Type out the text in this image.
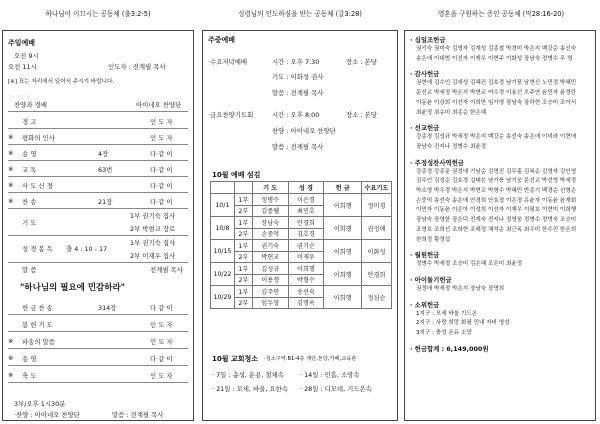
하나님이 이끄시는 공동체 (출3:2-5)
주일예배
오전 9시
오전 11시	인도자 : 전계필 목사
[※] 표는 자리에서 일어서 주시기 바랍니다.
전 주 곡
찬양과 경배	아이네오 찬양단
경 고	인 도 자
※ 평화의 인사	인 도 자
※ 송 영	4장	다 같 이
※ 교 독	63번	다 같 이
※ 사 도 신 경	다 같 이
※ 찬 송	21장	다 같 이
기 도
1부 권기숙 집사
2부 박현교 장로
성 경 봉 독 출 4 : 10 - 17
1부 권기숙 집사
2부 이재우 집사
말 씀	전계필 목사
"하나님의 필요에 민감하라"
헌 금 찬 송	314장	다 같 이
봉 헌 기 도	인 도 자
※ 파송의 말씀	인 도 자
※ 송 영	다 같 이
※ 축 도	인 도 자
3부/오후 1시30분
·찬양 : 아이네오 찬양단	말씀 : 전계필 목사
성령님의 인도하심을 받는 공동체 (갈3:28)
주중예배
·수요저녁예배	시간 : 오후 7:30	장소 : 본당
기도 : 이화성 권사
말씀 : 전계필 목사
·금요찬양기도회	시간 : 오후 8:00	장소 : 본당
찬양 : 아이네오 찬양단
말씀 : 전계필 목사
10월 예배 섬김
		기 도	성 경	헌 금	수요기도
10/1	1부	정병수	이은경	이희행	정미경
	2부	김종웰	최민호		
10/8	1부	장남숙	안경희	이희행	권정애
	2부	손중억	김호경		
10/15	1부	권기숙	권기순	이희행	이화성
	2부	박현교	이재우		
10/22	1부	김성규	이희행	이희행	안경희
	2부	이용쟁	박형수		
10/29	1부	김주연	송선숙	이희행	정심순
	2부	임두영	김명옥		
10월 교회청소 ·청소구역:B1-4층 계단,본당,카페,교육관
· 7일 : 총성, 운용, 철체속	· 14일 : 민흠, 소망속
· 21일 : 모세, 바울, 요한속 · 28일 : 디모데, 기드온속
영혼을 구원하는 증인 공동체 (막28:16-20)
· 십일조헌금
권기숙 권미숙 김영자 김계성 김종철 박경미 박은지 백강순 송선숙 송은애 이대범 이선자 이재우 이현주 이화성 장남숙 정병수 무 명
· 감사헌금
권현애 김수인 김애성 김혜진 김호경 남기풍 남현신 노민정 박혜민 문선교 박세정 박은지 박현교 여수경 이용선 오주연 윤민자 윤정란 이동윤 이상희 이선자 이희만 임가영 장남숙 장하현 조승미 조이서 최윤정 최유미 최종순 한은혜
· 선교헌금
강종경 김성규 박세정 박은지 백강순 송선숙 송은애 이미라 이현애 장남숙 진지나 정병수 최윤정
· 주정성찬사역헌금
강종경 강종운 권정애 기남순 김명진 김무홍 김복순 김영자 김인영 김수인 김정순 김호경 김태은 남기풍 남기웅 문선교 박선영 박세정 박소영 박우경 박은지 박현교 박형수 박혜민 반종기 백경순 선형순 손중억 송선숙 송은애 안경희 안호정 이은경 유윤자 이동윤 윤재회 이민자 이동윤 이은아 이성희 이선자 이재우 이평호 이현미 이희행 장남숙 장영한 장은덕 전계숙 전지나 정영웅 정병수 정명숙 조승미 조영호 조희선 조희현 조해정 채석순 최근옥 최우미 한수진 한은희 한희정 황정섭
· 월원헌금
정병수 박세정 조승미 김은혜 조은미 최윤정
· 아이돌기헌금
권정애 박세정 박은지 장남숙 장명희
· 소위헌금
1지구 : 모세 바울 기드온
2지구 : 사랑 희망 화평 민내 자비 영성
3지구 : 충성 온유 소망
· 헌금합계 : 6,149,000원
